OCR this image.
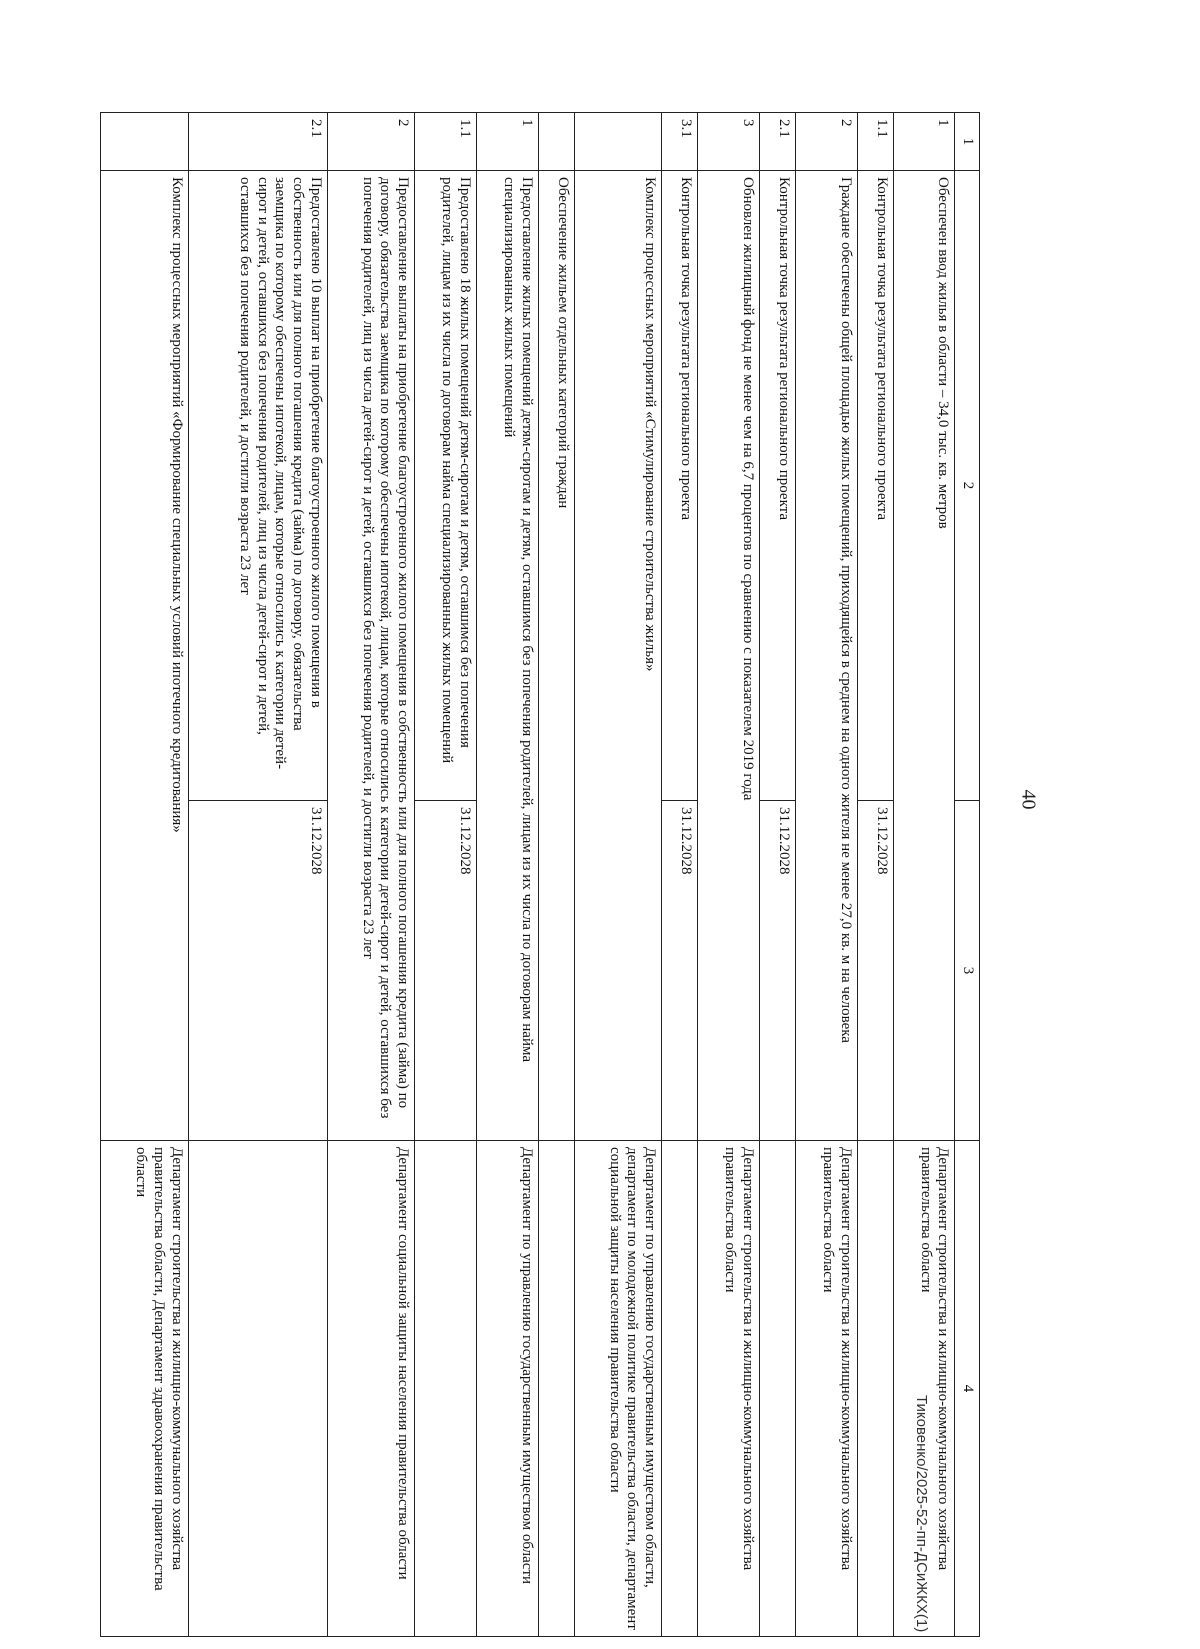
40
1	2	3	4
1	Обеспечен ввод жилья в области – 34,0 тыс. кв. метров		Департамент строительства и жилищно-коммунального хозяйства правительства области
1.1	Контрольная точка результата регионального проекта	31.12.2028	
2	Граждане обеспечены общей площадью жилых помещений, приходящейся в среднем на одного жителя не менее 27,0 кв. м на человека		Департамент строительства и жилищно-коммунального хозяйства правительства области
2.1	Контрольная точка результата регионального проекта	31.12.2028	
3	Обновлен жилищный фонд не менее чем на 6,7 процентов по сравнению с показателем 2019 года		Департамент строительства и жилищно-коммунального хозяйства правительства области
3.1	Контрольная точка результата регионального проекта	31.12.2028	
	Комплекс процессных мероприятий «Стимулирование строительства жилья»		Департамент по управлению государственным имуществом области, департамент по молодежной политике правительства области, департамент социальной защиты населения правительства области
	Обеспечение жильем отдельных категорий граждан		
1	Предоставление жилых помещений детям-сиротам и детям, оставшимся без попечения родителей, лицам из их числа по договорам найма специализированных жилых помещений		Департамент по управлению государственным имуществом области
1.1	Предоставлено 18 жилых помещений детям-сиротам и детям, оставшимся без попечения родителей, лицам из их числа по договорам найма специализированных жилых помещений	31.12.2028	
2	Предоставление выплаты на приобретение благоустроенного жилого помещения в собственность или для полного погашения кредита (займа) по договору, обязательства заемщика по которому обеспечены ипотекой, лицам, которые относились к категории детей-сирот и детей, оставшихся без попечения родителей, лиц из числа детей-сирот и детей, оставшихся без попечения родителей, и достигли возраста 23 лет		Департамент социальной защиты населения правительства области
2.1	Предоставлено 10 выплат на приобретение благоустроенного жилого помещения в собственность или для полного погашения кредита (займа) по договору, обязательства заемщика по которому обеспечены ипотекой, лицам, которые относились к категории детей-сирот и детей, оставшихся без попечения родителей, лиц из числа детей-сирот и детей, оставшихся без попечения родителей, и достигли возраста 23 лет	31.12.2028	
	Комплекс процессных мероприятий «Формирование специальных условий ипотечного кредитования»		Департамент строительства и жилищно-коммунального хозяйства правительства области, Департамент здравоохранения правительства области
Тиковенко/2025-52-пп-ДСиЖКХ(1)
